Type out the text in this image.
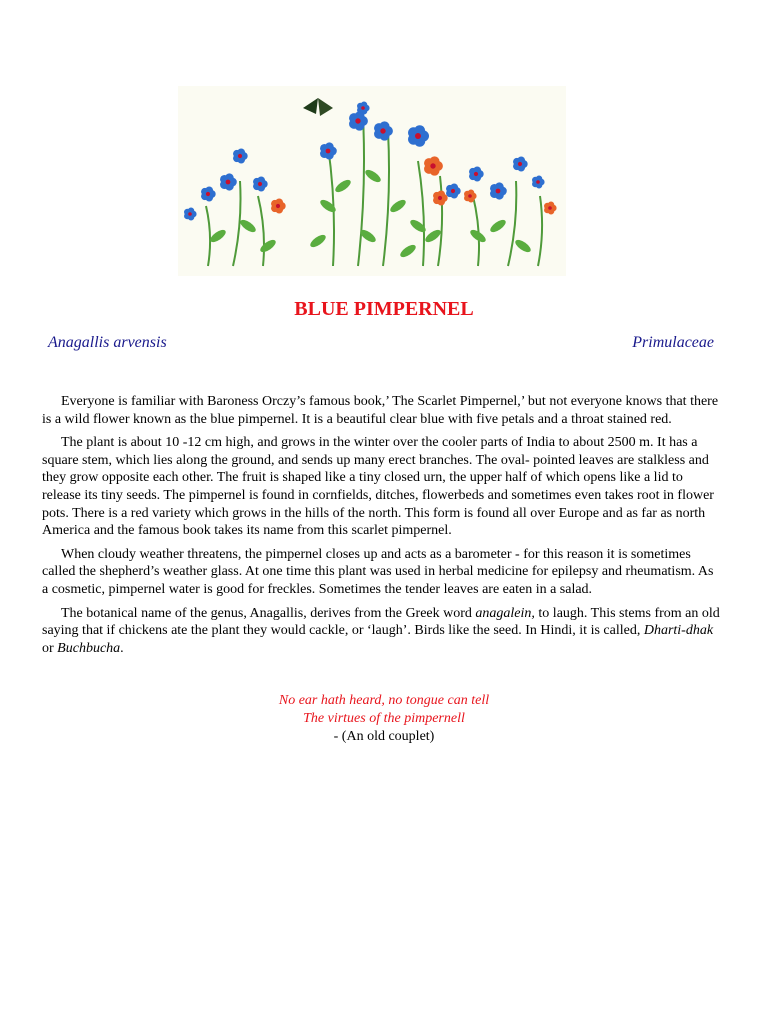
BLUE PIMPERNEL
Anagallis arvensis	Primulaceae

Everyone is familiar with Baroness Orczy’s famous book,’ The Scarlet Pimpernel,’ but not everyone knows that there is a wild flower known as the blue pimpernel. It is a beautiful clear blue with five petals and a throat stained red.

The plant is about 10 -12 cm high, and grows in the winter over the cooler parts of India to about 2500 m. It has a square stem, which lies along the ground, and sends up many erect branches. The oval- pointed leaves are stalkless and they grow opposite each other. The fruit is shaped like a tiny closed urn, the upper half of which opens like a lid to release its tiny seeds. The pimpernel is found in cornfields, ditches, flowerbeds and sometimes even takes root in flower pots. There is a red variety which grows in the hills of the north. This form is found all over Europe and as far as north America and the famous book takes its name from this scarlet pimpernel.

When cloudy weather threatens, the pimpernel closes up and acts as a barometer - for this reason it is sometimes called the shepherd’s weather glass. At one time this plant was used in herbal medicine for epilepsy and rheumatism. As a cosmetic, pimpernel water is good for freckles. Sometimes the tender leaves are eaten in a salad.

The botanical name of the genus, Anagallis, derives from the Greek word anagalein, to laugh. This stems from an old saying that if chickens ate the plant they would cackle, or ‘laugh’. Birds like the seed. In Hindi, it is called, Dharti-dhak or Buchbucha.

No ear hath heard, no tongue can tell
The virtues of the pimpernell
- (An old couplet)
